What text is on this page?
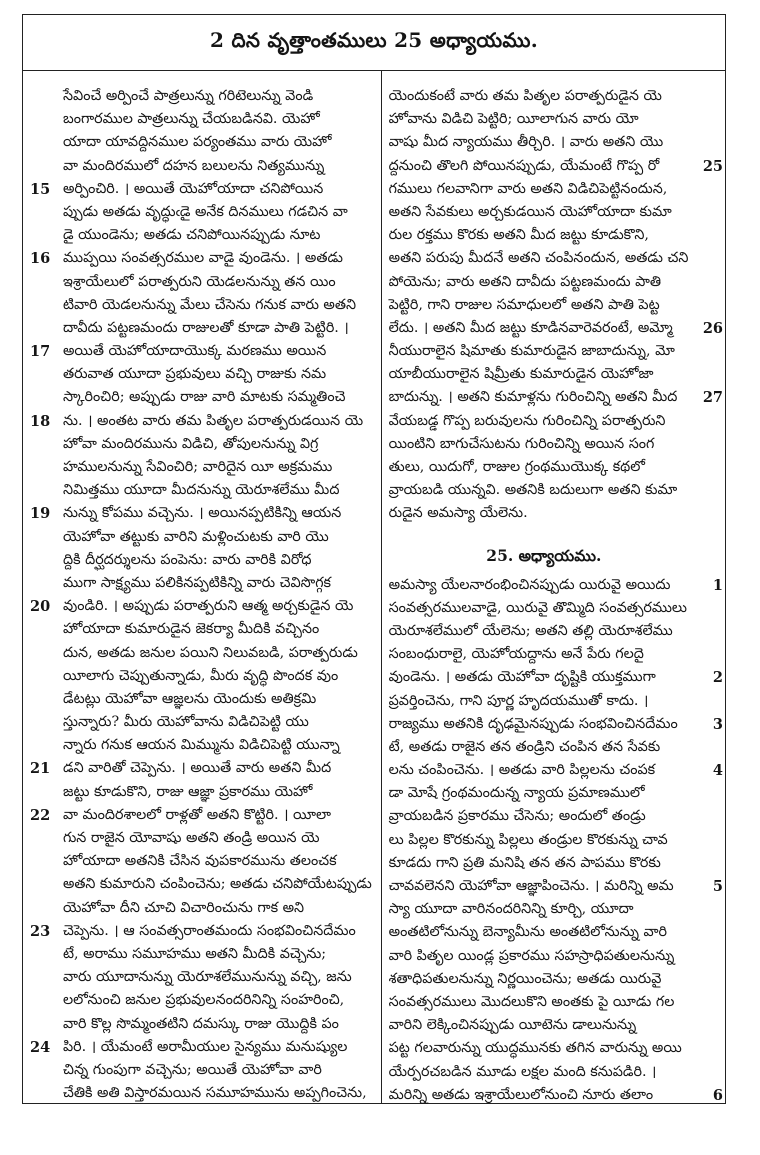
2 దిన వృత్తాంతములు 25 అధ్యాయము.
సేవించే అర్పించే పాత్రలున్ను గరిటెలున్ను వెండి
బంగారముల పాత్రలున్ను చేయబడినవి. యెహో
యాదా యావద్దినముల పర్యంతము వారు యెహో
వా మందిరములో దహన బలులను నిత్యమున్ను
15 అర్పించిరి. । అయితే యెహోయాదా చనిపోయిన
ప్పుడు అతడు వృద్ధుఁడై అనేక దినములు గడచిన వా
డై యుండెను; అతడు చనిపోయినప్పుడు నూట
16 ముప్పయి సంవత్సరముల వాడై వుండెను. । అతడు
ఇశ్రాయేలులో పరాత్పరుని యెడలనున్ను తన యిం
టివారి యెడలనున్ను మేలు చేసెను గనుక వారు అతని
దావీదు పట్టణమందు రాజులతో కూడా పాతి పెట్టిరి. ।
17 అయితే యెహోయాదాయొక్క మరణము అయిన
తరువాత యూదా ప్రభువులు వచ్చి రాజుకు నమ
స్కారించిరి; అప్పుడు రాజు వారి మాటకు సమ్మతించె
18 ను. । అంతట వారు తమ పితృల పరాత్పరుడయిన యె
హోవా మందిరమును విడిచి, తోపులనున్ను విగ్ర
హములనున్ను సేవించిరి; వారిదైన యీ అక్రమము
నిమిత్తము యూదా మీదనున్ను యెరూశలేము మీద
19 నున్ను కోపము వచ్చెను. । అయినప్పటికిన్ని ఆయన
యెహోవా తట్టుకు వారిని మళ్లించుటకు వారి యొ
ద్దికి దీర్ఘదర్శులను పంపెను: వారు వారికి విరోధ
ముగా సాక్ష్యము పలికినప్పటికిన్ని వారు చెవిసొగ్గక
20 వుండిరి. । అప్పుడు పరాత్పరుని ఆత్మ అర్చకుడైన యె
హోయాదా కుమారుడైన జెకర్యా మీదికి వచ్చినం
దున, అతడు జనుల పయిని నిలువబడి, పరాత్పరుడు
యీలాగు చెప్పుతున్నాడు, మీరు వృద్ధి పొందక వుం
డేటట్లు యెహోవా ఆజ్ఞలను యెందుకు అతిక్రమి
స్తున్నారు? మీరు యెహోవాను విడిచిపెట్టి యు
న్నారు గనుక ఆయన మిమ్మును విడిచిపెట్టి యున్నా
21 డని వారితో చెప్పెను. । అయితే వారు అతని మీద
జట్టు కూడుకొని, రాజు ఆజ్ఞా ప్రకారము యెహో
22 వా మందిరశాలలో రాళ్లతో అతని కొట్టిరి. । యీలా
గున రాజైన యోవాషు అతని తండ్రి అయిన యె
హోయాదా అతనికి చేసిన వుపకారమును తలంచక
అతని కుమారుని చంపించెను; అతడు చనిపోయేటప్పుడు
యెహోవా దీని చూచి విచారించును గాక అని
23 చెప్పెను. । ఆ సంవత్సరాంతమందు సంభవించినదేమం
టే, అరాము సమూహము అతని మీదికి వచ్చెను;
వారు యూదానున్ను యెరూశలేమునున్ను వచ్చి, జను
లలోనుంచి జనుల ప్రభువులనందరినిన్ని సంహరించి,
వారి కొల్ల సొమ్మంతటిని దమస్కు రాజు యొద్దికి పం
24 పిరి. । యేమంటే అరామీయుల సైన్యము మనుష్యుల
చిన్న గుంపుగా వచ్చెను; అయితే యెహోవా వారి
చేతికి అతి విస్తారమయిన సమూహమును అప్పగించెను,
యెందుకంటే వారు తమ పితృల పరాత్పరుడైన యె
హోవాను విడిచి పెట్టిరి; యీలాగున వారు యో
వాషు మీద న్యాయము తీర్చిరి. । వారు అతని యొ
25
ద్దనుంచి తొలగి పోయినప్పుడు, యేమంటే గొప్ప రో
గములు గలవానిగా వారు అతని విడిచిపెట్టినందున,
అతని సేవకులు అర్చకుడయిన యెహోయాదా కుమా
రుల రక్తము కొరకు అతని మీద జట్టు కూడుకొని,
అతని పరుపు మీదనే అతని చంపినందున, అతడు చని
పోయెను; వారు అతని దావీదు పట్టణమందు పాతి
పెట్టిరి, గాని రాజుల సమాధులలో అతని పాతి పెట్ట
26
లేదు. । అతని మీద జట్టు కూడినవారెవరంటే, అమ్మో
నీయురాలైన షిమాతు కుమారుడైన జాబాదున్ను, మో
యాబీయురాలైన షిమ్రీతు కుమారుడైన యెహోజా
27
బాదున్ను. । అతని కుమాళ్లను గురించిన్ని అతని మీద
వేయబడ్డ గొప్ప బరువులను గురించిన్ని పరాత్పరుని
యింటిని బాగుచేసుటను గురించిన్ని అయిన సంగ
తులు, యిదుగో, రాజుల గ్రంథముయొక్క కథలో
వ్రాయబడి యున్నవి. అతనికి బదులుగా అతని కుమా
రుడైన అమస్యా యేలెను.
25. అధ్యాయము.
1
అమస్యా యేలనారంభించినప్పుడు యిరువై అయిదు
సంవత్సరములవాడై, యిరువై తొమ్మిది సంవత్సరములు
యెరూశలేములో యేలెను; అతని తల్లి యెరూశలేము
సంబంధురాలై, యెహోయద్దాను అనే పేరు గలదై
2
వుండెను. । అతడు యెహోవా దృష్టికి యుక్తముగా
ప్రవర్తించెను, గాని పూర్ణ హృదయముతో కాదు. ।
3
రాజ్యము అతనికి దృఢమైనప్పుడు సంభవించినదేమం
టే, అతడు రాజైన తన తండ్రిని చంపిన తన సేవకు
4
లను చంపించెను. । అతడు వారి పిల్లలను చంపక
డా మోషే గ్రంథమందున్న న్యాయ ప్రమాణములో
వ్రాయబడిన ప్రకారము చేసెను; అందులో తండ్రు
లు పిల్లల కొరకున్ను పిల్లలు తండ్రుల కొరకున్ను చావ
కూడదు గాని ప్రతి మనిషి తన తన పాపము కొరకు
5
చావవలెనని యెహోవా ఆజ్ఞాపించెను. । మరిన్ని అమ
స్యా యూదా వారినందరినిన్ని కూర్చి, యూదా
అంతటిలోనున్ను బెన్యామీను అంతటిలోనున్ను వారి
వారి పితృల యిండ్ల ప్రకారము సహస్రాధిపతులనున్ను
శతాధిపతులనున్ను నిర్ణయించెను; అతడు యిరువై
సంవత్సరములు మొదలుకొని అంతకు పై యీడు గల
వారిని లెక్కించినప్పుడు యీటెను డాలునున్ను
పట్ట గలవారున్ను యుద్ధమునకు తగిన వారున్ను అయి
యేర్పరచబడిన మూడు లక్షల మంది కనుపడిరి. ।
6
మరిన్ని అతడు ఇశ్రాయేలులోనుంచి నూరు తలాం
